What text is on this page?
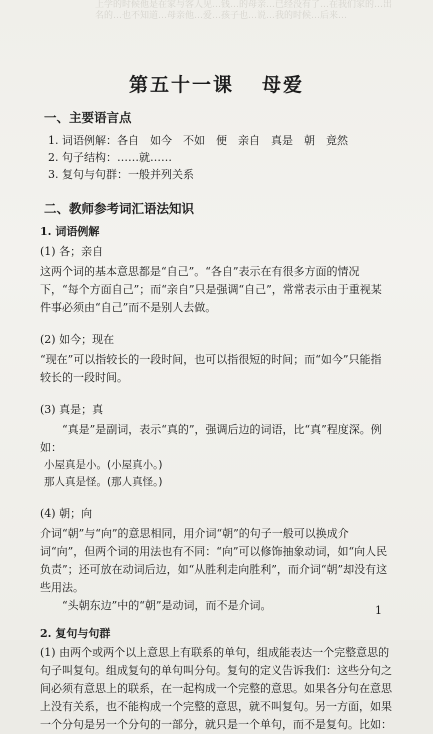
上学的时候他是在家与客人见…钱…的母亲…已经没有了…在我们家的…出名的…也不知道…母亲他…爱…孩子也…说…我的时候…后来…
第五十一课 母爱
一、主要语言点
1. 词语例解：各自　如今　不如　便　亲自　真是　朝　竟然
2. 句子结构：……就……
3. 复句与句群：一般并列关系
二、教师参考词汇语法知识
1. 词语例解
(1) 各；亲自
这两个词的基本意思都是“自己”。“各自”表示在有很多方面的情况下，“每个方面自己”；而“亲自”只是强调“自己”，常常表示由于重视某件事必须由“自己”而不是别人去做。
(2) 如今；现在
“现在”可以指较长的一段时间，也可以指很短的时间；而“如今”只能指较长的一段时间。
(3) 真是；真
“真是”是副词，表示“真的”，强调后边的词语，比“真”程度深。例如：
小屋真是小。(小屋真小。)
那人真是怪。(那人真怪。)
(4) 朝；向
介词“朝”与“向”的意思相同，用介词“朝”的句子一般可以换成介词“向”，但两个词的用法也有不同：“向”可以修饰抽象动词，如“向人民负责”；还可放在动词后边，如“从胜利走向胜利”，而介词“朝”却没有这些用法。
“头朝东边”中的“朝”是动词，而不是介词。
2. 复句与句群
(1) 由两个或两个以上意思上有联系的单句，组成能表达一个完整意思的句子叫复句。组成复句的单句叫分句。复句的定义告诉我们：这些分句之间必须有意思上的联系，在一起构成一个完整的意思。如果各分句在意思上没有关系，也不能构成一个完整的意思，就不叫复句。另一方面，如果一个分句是另一个分句的一部分，就只是一个单句，而不是复句。比如：
1
